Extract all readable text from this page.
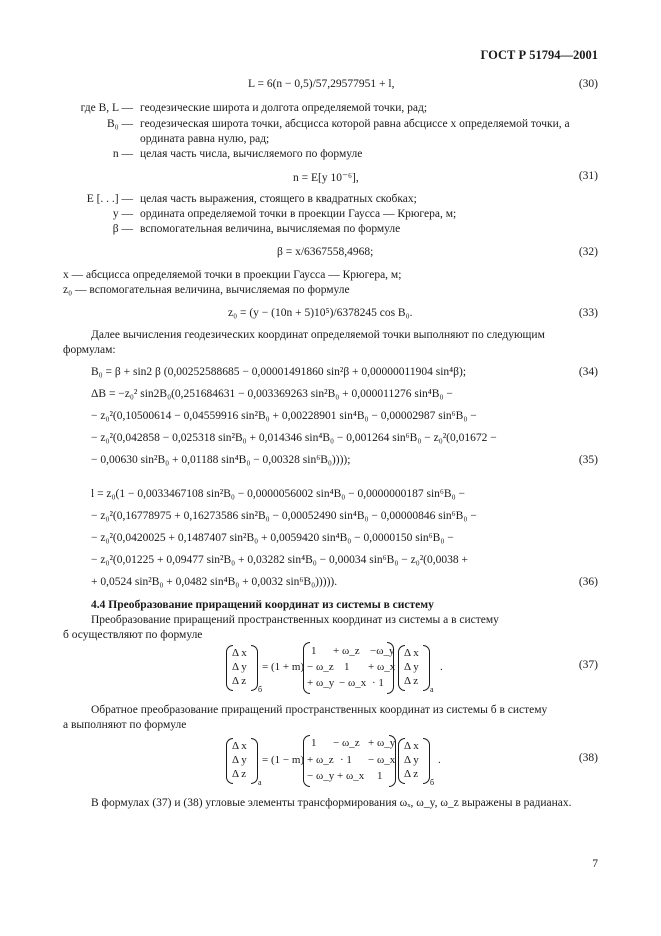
ГОСТ Р 51794—2001
L = 6(n − 0,5)/57,29577951 + l,	(30)
где B, L — геодезические широта и долгота определяемой точки, рад;
B₀ — геодезическая широта точки, абсцисса которой равна абсциссе x определяемой точки, а
ордината равна нулю, рад;
n — целая часть числа, вычисляемого по формуле
n = E[y 10⁻⁶],	(31)
E [. . .] — целая часть выражения, стоящего в квадратных скобках;
y — ордината определяемой точки в проекции Гаусса — Крюгера, м;
β — вспомогательная величина, вычисляемая по формуле
β = x/6367558,4968;	(32)
x — абсцисса определяемой точки в проекции Гаусса — Крюгера, м;
z₀ — вспомогательная величина, вычисляемая по формуле
z₀ = (y − (10n + 5)10⁵)/6378245 cos B₀.	(33)
Далее вычисления геодезических координат определяемой точки выполняют по следующим
формулам:
B₀ = β + sin2 β (0,00252588685 − 0,00001491860 sin²β + 0,00000011904 sin⁴β);	(34)
ΔB = −z₀² sin2B₀(0,251684631 − 0,003369263 sin²B₀ + 0,000011276 sin⁴B₀ −
− z₀²(0,10500614 − 0,04559916 sin²B₀ + 0,00228901 sin⁴B₀ − 0,00002987 sin⁶B₀ −
− z₀²(0,042858 − 0,025318 sin²B₀ + 0,014346 sin⁴B₀ − 0,001264 sin⁶B₀ − z₀²(0,01672 −
− 0,00630 sin²B₀ + 0,01188 sin⁴B₀ − 0,00328 sin⁶B₀))));	(35)
l = z₀(1 − 0,0033467108 sin²B₀ − 0,0000056002 sin⁴B₀ − 0,0000000187 sin⁶B₀ −
− z₀²(0,16778975 + 0,16273586 sin²B₀ − 0,00052490 sin⁴B₀ − 0,00000846 sin⁶B₀ −
− z₀²(0,0420025 + 0,1487407 sin²B₀ + 0,0059420 sin⁴B₀ − 0,0000150 sin⁶B₀ −
− z₀²(0,01225 + 0,09477 sin²B₀ + 0,03282 sin⁴B₀ − 0,00034 sin⁶B₀ − z₀²(0,0038 +
+ 0,0524 sin²B₀ + 0,0482 sin⁴B₀ + 0,0032 sin⁶B₀))))).	(36)
4.4 Преобразование приращений координат из системы в систему
Преобразование приращений пространственных координат из системы а в систему
б осуществляют по формуле
Δ x
Δ y
Δ z
б
= (1 + m)
1 + ω_z −ω_y
− ω_z 1 + ω_x
+ ω_y − ω_x · 1
Δ x
Δ y
Δ z
а
.	(37)
Обратное преобразование приращений пространственных координат из системы б в систему
а выполняют по формуле
Δ x
Δ y
Δ z
а
= (1 − m)
1 − ω_z + ω_y
+ ω_z · 1 − ω_x
− ω_y + ω_x 1
Δ x
Δ y
Δ z
б
.	(38)
В формулах (37) и (38) угловые элементы трансформирования ωₓ, ω_y, ω_z выражены в радианах.
7
